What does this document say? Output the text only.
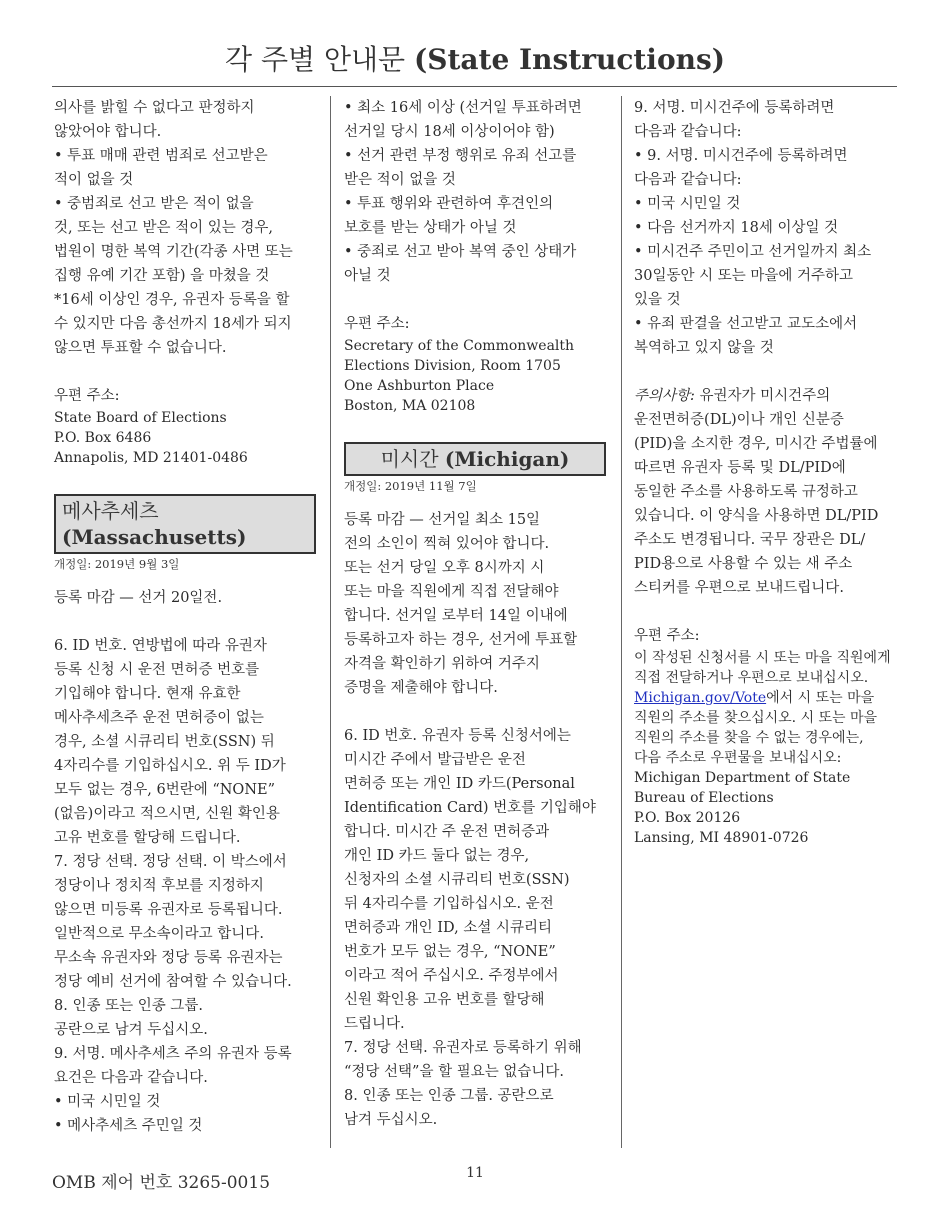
각 주별 안내문 (State Instructions)

의사를 밝힐 수 없다고 판정하지

않았어야 합니다.

• 투표 매매 관련 범죄로 선고받은

적이 없을 것

• 중범죄로 선고 받은 적이 없을

것, 또는 선고 받은 적이 있는 경우,

법원이 명한 복역 기간(각종 사면 또는

집행 유예 기간 포함) 을 마쳤을 것

*16세 이상인 경우, 유권자 등록을 할

수 있지만 다음 총선까지 18세가 되지

않으면 투표할 수 없습니다.

우편 주소:

State Board of Elections

P.O. Box 6486

Annapolis, MD 21401-0486

메사추세츠 (Massachusetts)

개정일: 2019년 9월 3일

등록 마감 — 선거 20일전.

6. ID 번호. 연방법에 따라 유권자

등록 신청 시 운전 면허증 번호를

기입해야 합니다. 현재 유효한

메사추세츠주 운전 면허증이 없는

경우, 소셜 시큐리티 번호(SSN) 뒤

4자리수를 기입하십시오. 위 두 ID가

모두 없는 경우, 6번란에 “NONE”

(없음)이라고 적으시면, 신원 확인용

고유 번호를 할당해 드립니다.

7. 정당 선택. 정당 선택. 이 박스에서

정당이나 정치적 후보를 지정하지

않으면 미등록 유권자로 등록됩니다.

일반적으로 무소속이라고 합니다.

무소속 유권자와 정당 등록 유권자는

정당 예비 선거에 참여할 수 있습니다.

8. 인종 또는 인종 그룹.

공란으로 남겨 두십시오.

9. 서명. 메사추세츠 주의 유권자 등록

요건은 다음과 같습니다.

• 미국 시민일 것

• 메사추세츠 주민일 것

• 최소 16세 이상 (선거일 투표하려면

선거일 당시 18세 이상이어야 함)

• 선거 관련 부정 행위로 유죄 선고를

받은 적이 없을 것

• 투표 행위와 관련하여 후견인의

보호를 받는 상태가 아닐 것

• 중죄로 선고 받아 복역 중인 상태가

아닐 것

우편 주소:

Secretary of the Commonwealth

Elections Division, Room 1705

One Ashburton Place

Boston, MA 02108

미시간 (Michigan)

개정일: 2019년 11월 7일

등록 마감 — 선거일 최소 15일

전의 소인이 찍혀 있어야 합니다.

또는 선거 당일 오후 8시까지 시

또는 마을 직원에게 직접 전달해야

합니다. 선거일 로부터 14일 이내에

등록하고자 하는 경우, 선거에 투표할

자격을 확인하기 위하여 거주지

증명을 제출해야 합니다.

6. ID 번호. 유권자 등록 신청서에는

미시간 주에서 발급받은 운전

면허증 또는 개인 ID 카드(Personal

Identification Card) 번호를 기입해야

합니다. 미시간 주 운전 면허증과

개인 ID 카드 둘다 없는 경우,

신청자의 소셜 시큐리티 번호(SSN)

뒤 4자리수를 기입하십시오. 운전

면허증과 개인 ID, 소셜 시큐리티

번호가 모두 없는 경우, “NONE”

이라고 적어 주십시오. 주정부에서

신원 확인용 고유 번호를 할당해

드립니다.

7. 정당 선택. 유권자로 등록하기 위해

“정당 선택”을 할 필요는 없습니다.

8. 인종 또는 인종 그룹. 공란으로

남겨 두십시오.

9. 서명. 미시건주에 등록하려면

다음과 같습니다:

• 9. 서명. 미시건주에 등록하려면

다음과 같습니다:

• 미국 시민일 것

• 다음 선거까지 18세 이상일 것

• 미시건주 주민이고 선거일까지 최소

30일동안 시 또는 마을에 거주하고

있을 것

• 유죄 판결을 선고받고 교도소에서

복역하고 있지 않을 것

주의사항: 유권자가 미시건주의

운전면허증(DL)이나 개인 신분증

(PID)을 소지한 경우, 미시간 주법률에

따르면 유권자 등록 및 DL/PID에

동일한 주소를 사용하도록 규정하고

있습니다. 이 양식을 사용하면 DL/PID

주소도 변경됩니다. 국무 장관은 DL/

PID용으로 사용할 수 있는 새 주소

스티커를 우편으로 보내드립니다.

우편 주소:

이 작성된 신청서를 시 또는 마을 직원에게

직접 전달하거나 우편으로 보내십시오.

Michigan.gov/Vote에서 시 또는 마을

직원의 주소를 찾으십시오. 시 또는 마을

직원의 주소를 찾을 수 없는 경우에는,

다음 주소로 우편물을 보내십시오:

Michigan Department of State

Bureau of Elections

P.O. Box 20126

Lansing, MI 48901-0726

OMB 제어 번호 3265-0015	11
